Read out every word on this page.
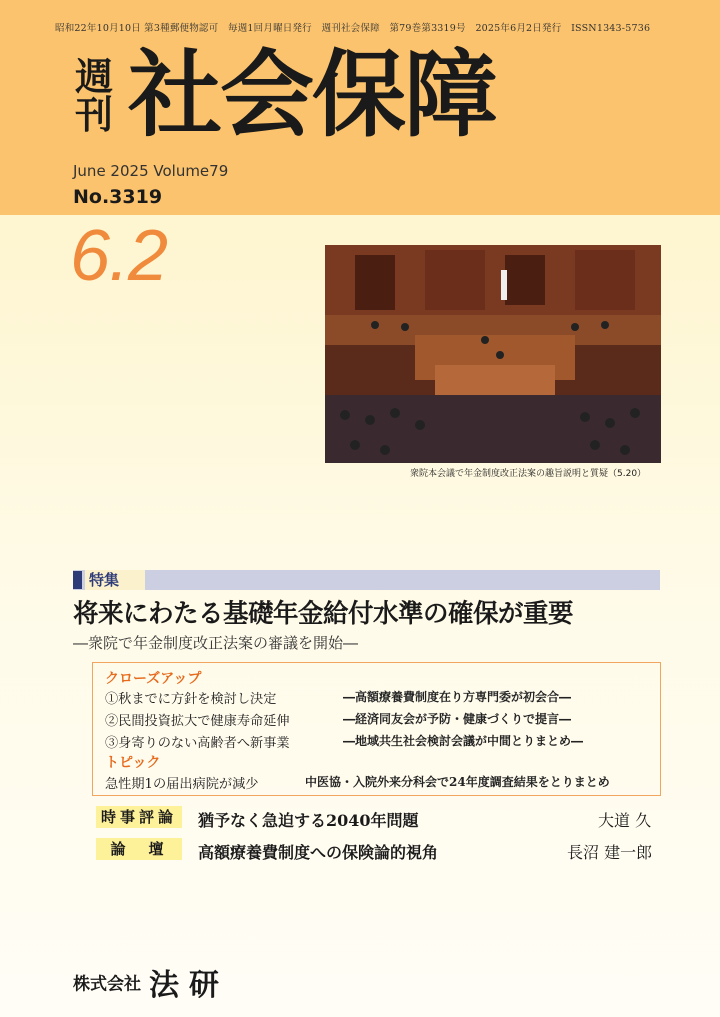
昭和22年10月10日 第3種郵便物認可　毎週1回月曜日発行　週刊社会保障　第79巻第3319号　2025年6月2日発行　ISSN1343-5736
週
刊 社会保障
June 2025 Volume79
No.3319
6.2
衆院本会議で年金制度改正法案の趣旨説明と質疑（5.20）
特集
将来にわたる基礎年金給付水準の確保が重要
―衆院で年金制度改正法案の審議を開始―
クローズアップ
①秋までに方針を検討し決定	―高額療養費制度在り方専門委が初会合―
②民間投資拡大で健康寿命延伸	―経済同友会が予防・健康づくりで提言―
③身寄りのない高齢者へ新事業	―地域共生社会検討会議が中間とりまとめ―
トピック
急性期1の届出病院が減少	中医協・入院外来分科会で24年度調査結果をとりまとめ
時事評論	猶予なく急迫する2040年問題	大道 久
論　壇	高額療養費制度への保険論的視角	長沼 建一郎
株式会社 法研
